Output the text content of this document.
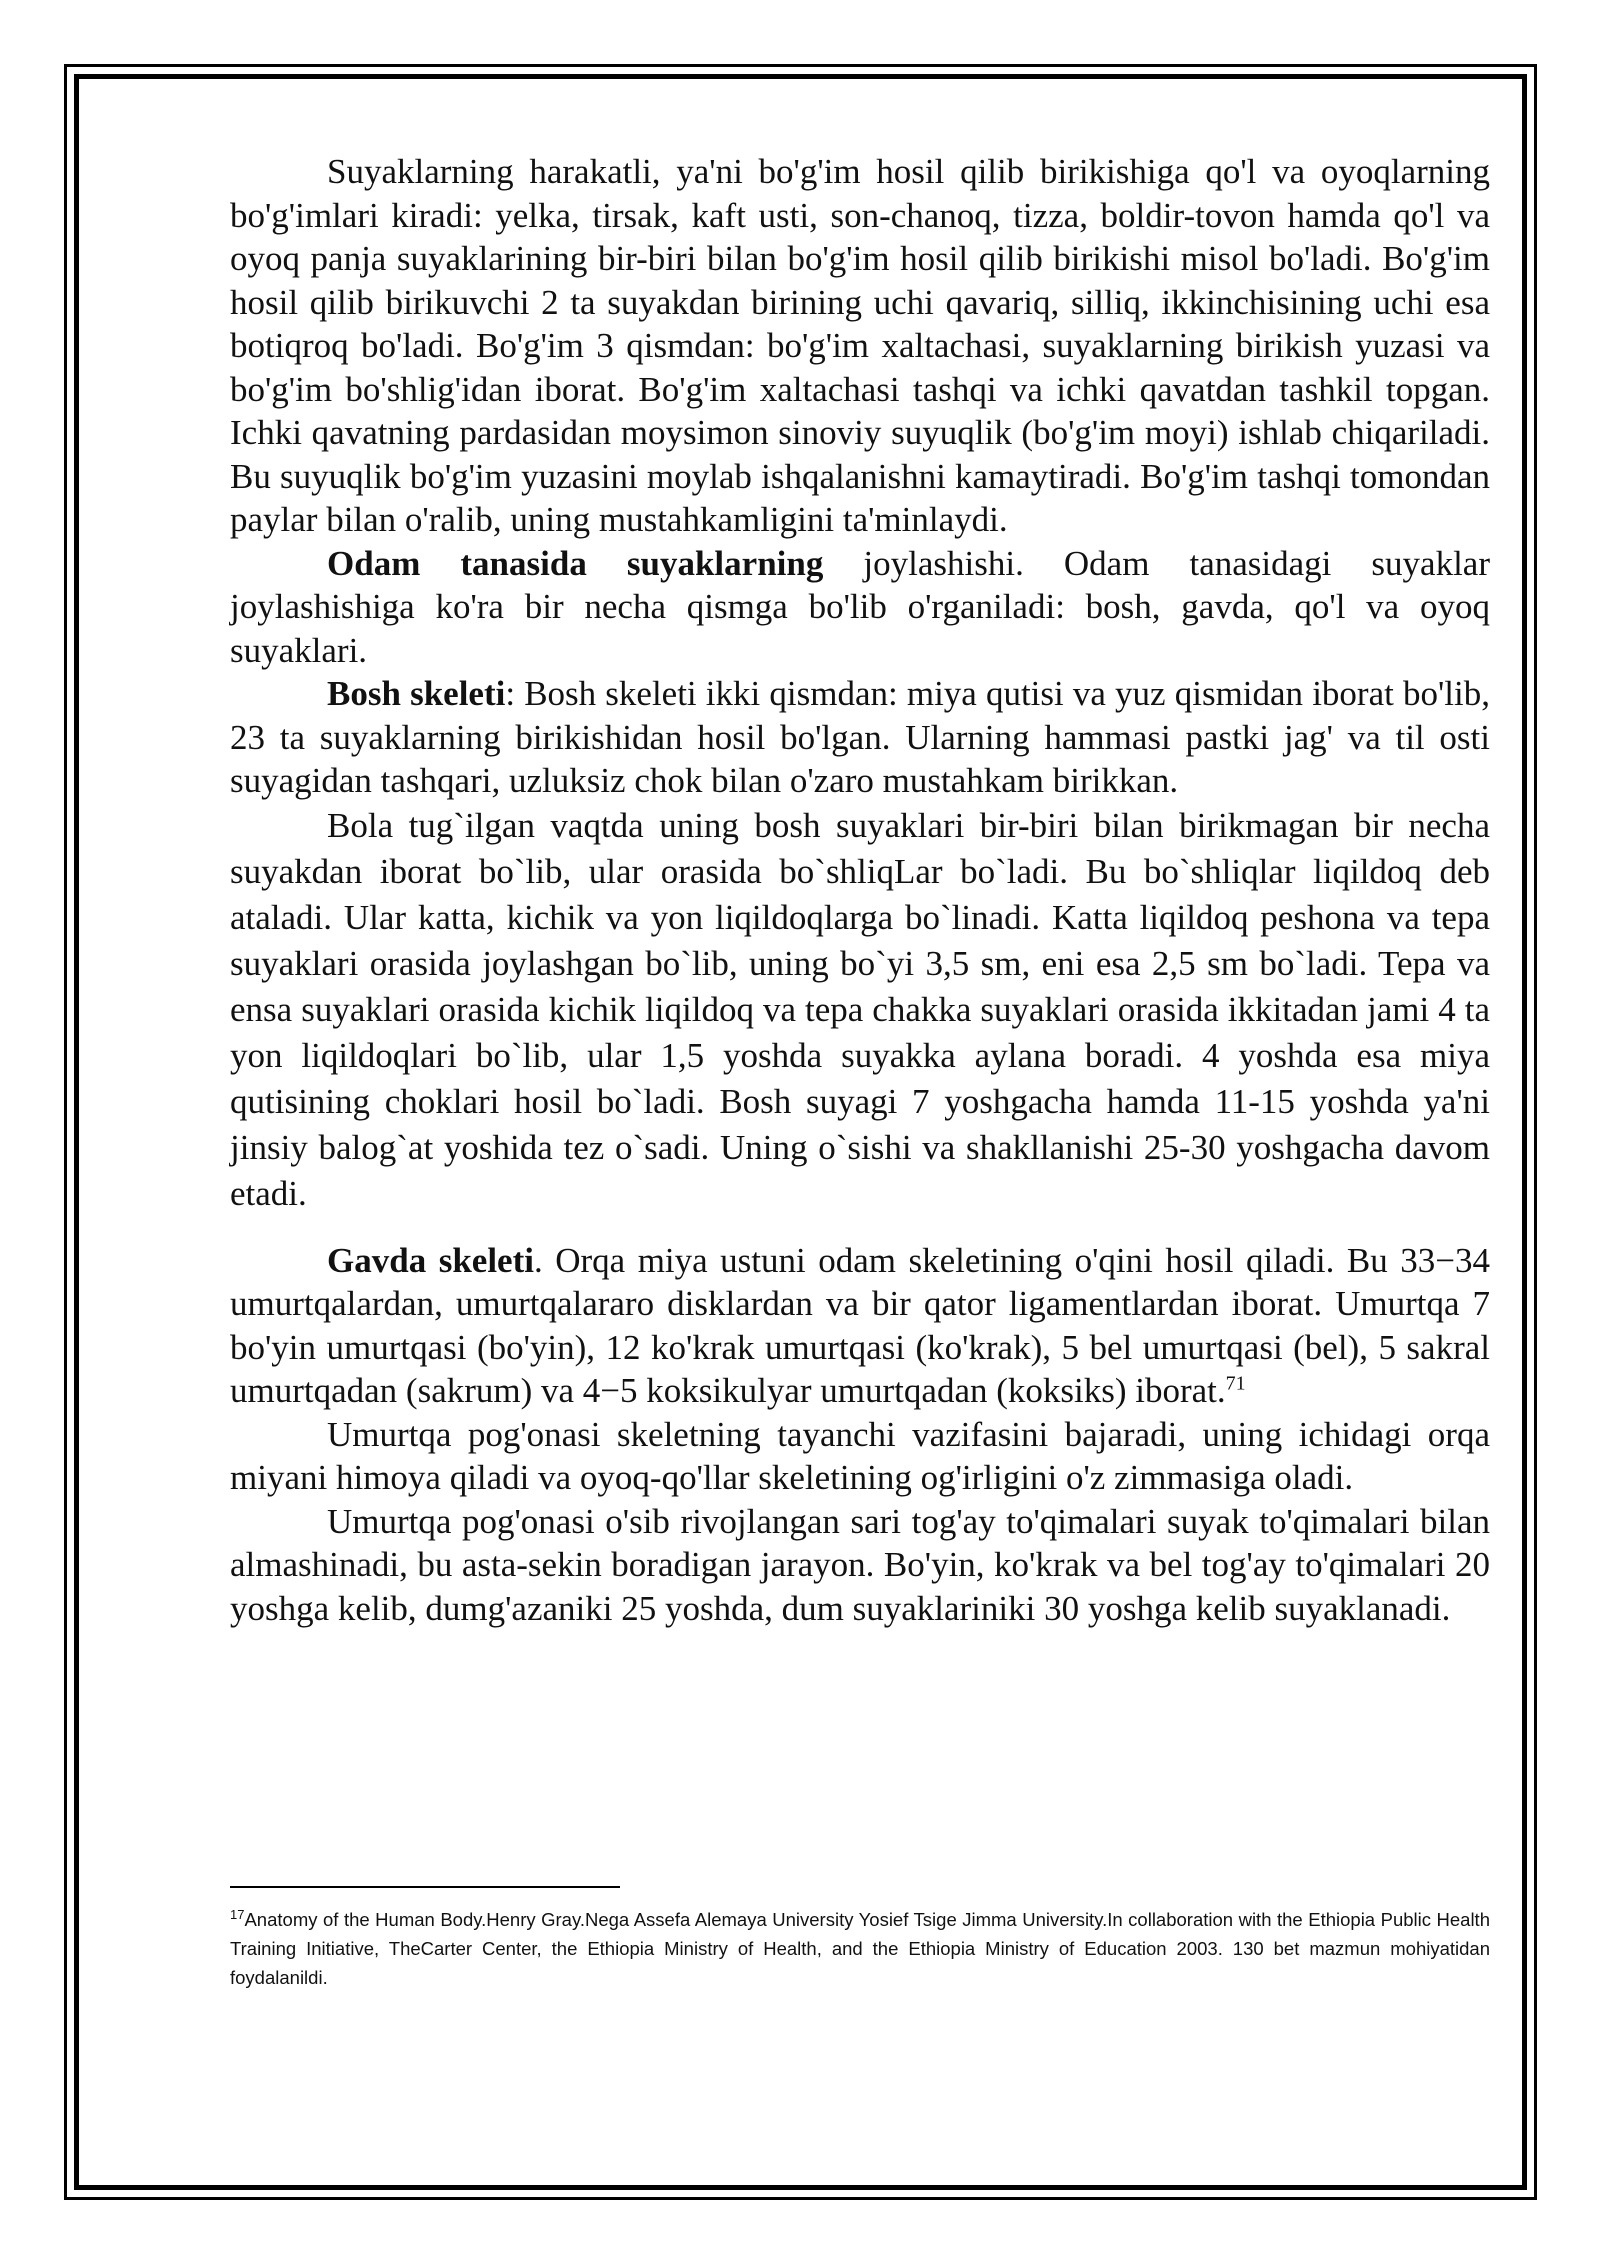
Suyaklarning harakatli, ya'ni bo'g'im hosil qilib birikishiga qo'l va oyoqlarning bo'g'imlari kiradi: yelka, tirsak, kaft usti, son-chanoq, tizza, boldir-tovon hamda qo'l va oyoq panja suyaklarining bir-biri bilan bo'g'im hosil qilib birikishi misol bo'ladi. Bo'g'im hosil qilib birikuvchi 2 ta suyakdan birining uchi qavariq, silliq, ikkinchisining uchi esa botiqroq bo'ladi. Bo'g'im 3 qismdan: bo'g'im xaltachasi, suyaklarning birikish yuzasi va bo'g'im bo'shlig'idan iborat. Bo'g'im xaltachasi tashqi va ichki qavatdan tashkil topgan. Ichki qavatning pardasidan moysimon sinoviy suyuqlik (bo'g'im moyi) ishlab chiqariladi. Bu suyuqlik bo'g'im yuzasini moylab ishqalanishni kamaytiradi. Bo'g'im tashqi tomondan paylar bilan o'ralib, uning mustahkamligini ta'minlaydi.

Odam tanasida suyaklarning joylashishi. Odam tanasidagi suyaklar joylashishiga ko'ra bir necha qismga bo'lib o'rganiladi: bosh, gavda, qo'l va oyoq suyaklari.

Bosh skeleti: Bosh skeleti ikki qismdan: miya qutisi va yuz qismidan iborat bo'lib, 23 ta suyaklarning birikishidan hosil bo'lgan. Ularning hammasi pastki jag' va til osti suyagidan tashqari, uzluksiz chok bilan o'zaro mustahkam birikkan.

Bola tug`ilgan vaqtda uning bosh suyaklari bir-biri bilan birikmagan bir necha suyakdan iborat bo`lib, ular orasida bo`shliqLar bo`ladi. Bu bo`shliqlar liqildoq deb ataladi. Ular katta, kichik va yon liqildoqlarga bo`linadi. Katta liqildoq peshona va tepa suyaklari orasida joylashgan bo`lib, uning bo`yi 3,5 sm, eni esa 2,5 sm bo`ladi. Tepa va ensa suyaklari orasida kichik liqildoq va tepa chakka suyaklari orasida ikkitadan jami 4 ta yon liqildoqlari bo`lib, ular 1,5 yoshda suyakka aylana boradi. 4 yoshda esa miya qutisining choklari hosil bo`ladi. Bosh suyagi 7 yoshgacha hamda 11-15 yoshda ya'ni jinsiy balog`at yoshida tez o`sadi. Uning o`sishi va shakllanishi 25-30 yoshgacha davom etadi.

Gavda skeleti. Orqa miya ustuni odam skeletining o'qini hosil qiladi. Bu 33−34 umurtqalardan, umurtqalararo disklardan va bir qator ligamentlardan iborat. Umurtqa 7 bo'yin umurtqasi (bo'yin), 12 ko'krak umurtqasi (ko'krak), 5 bel umurtqasi (bel), 5 sakral umurtqadan (sakrum) va 4−5 koksikulyar umurtqadan (koksiks) iborat.$^{71}$

Umurtqa pog'onasi skeletning tayanchi vazifasini bajaradi, uning ichidagi orqa miyani himoya qiladi va oyoq-qo'llar skeletining og'irligini o'z zimmasiga oladi.

Umurtqa pog'onasi o'sib rivojlangan sari tog'ay to'qimalari suyak to'qimalari bilan almashinadi, bu asta-sekin boradigan jarayon. Bo'yin, ko'krak va bel tog'ay to'qimalari 20 yoshga kelib, dumg'azaniki 25 yoshda, dum suyaklariniki 30 yoshga kelib suyaklanadi.

$^{17}$Anatomy of the Human Body.Henry Gray.Nega Assefa Alemaya University Yosief Tsige Jimma University.In collaboration with the Ethiopia Public Health Training Initiative, TheCarter Center, the Ethiopia Ministry of Health, and the Ethiopia Ministry of Education 2003. 130 bet mazmun mohiyatidan foydalanildi.
